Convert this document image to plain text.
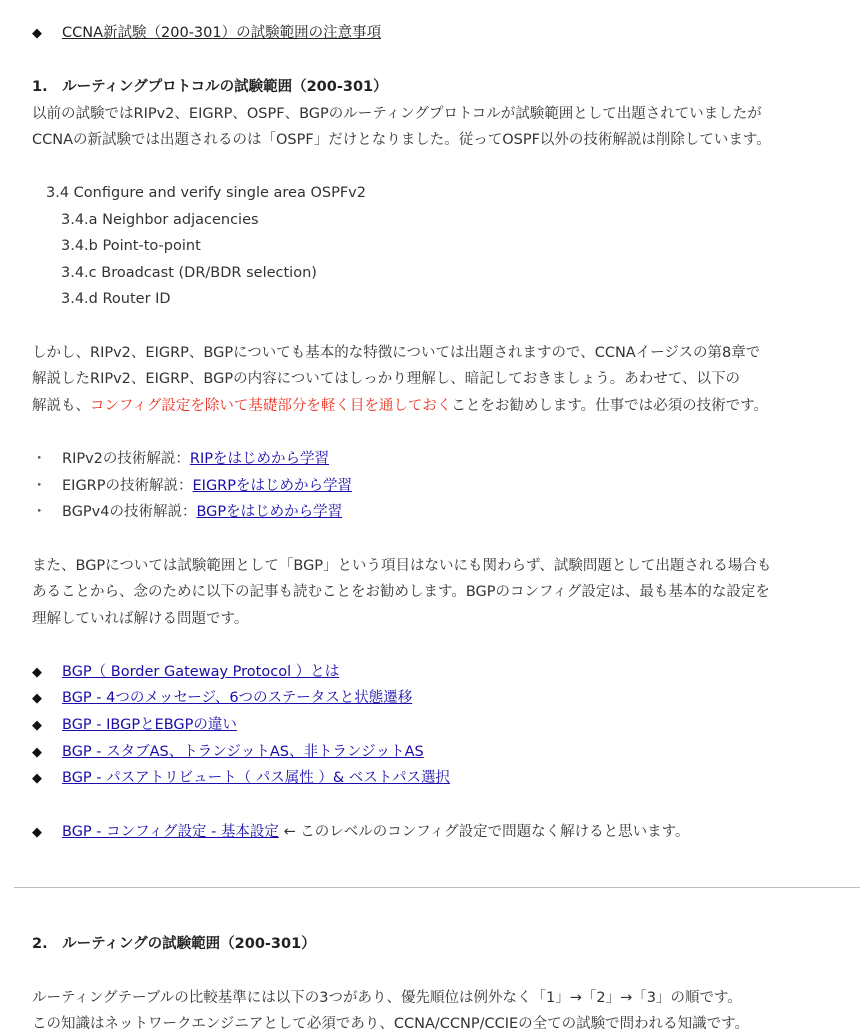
◆ CCNA新試験（200-301）の試験範囲の注意事項
1.　ルーティングプロトコルの試験範囲（200-301）
以前の試験ではRIPv2、EIGRP、OSPF、BGPのルーティングプロトコルが試験範囲として出題されていましたが
CCNAの新試験では出題されるのは「OSPF」だけとなりました。従ってOSPF以外の技術解説は削除しています。
3.4 Configure and verify single area OSPFv2
3.4.a Neighbor adjacencies
3.4.b Point-to-point
3.4.c Broadcast (DR/BDR selection)
3.4.d Router ID
しかし、RIPv2、EIGRP、BGPについても基本的な特徴については出題されますので、CCNAイージスの第8章で
解説したRIPv2、EIGRP、BGPの内容についてはしっかり理解し、暗記しておきましょう。あわせて、以下の
解説も、コンフィグ設定を除いて基礎部分を軽く目を通しておくことをお勧めします。仕事では必須の技術です。
・ RIPv2の技術解説：RIPをはじめから学習
・ EIGRPの技術解説：EIGRPをはじめから学習
・ BGPv4の技術解説：BGPをはじめから学習
また、BGPについては試験範囲として「BGP」という項目はないにも関わらず、試験問題として出題される場合も
あることから、念のために以下の記事も読むことをお勧めします。BGPのコンフィグ設定は、最も基本的な設定を
理解していれば解ける問題です。
◆ BGP（ Border Gateway Protocol ）とは
◆ BGP - 4つのメッセージ、6つのステータスと状態遷移
◆ BGP - IBGPとEBGPの違い
◆ BGP - スタブAS、トランジットAS、非トランジットAS
◆ BGP - パスアトリビュート（ パス属性 ）& ベストパス選択
◆ BGP - コンフィグ設定 - 基本設定 ← このレベルのコンフィグ設定で問題なく解けると思います。
2.　ルーティングの試験範囲（200-301）
ルーティングテーブルの比較基準には以下の3つがあり、優先順位は例外なく「1」→「2」→「3」の順です。
この知識はネットワークエンジニアとして必須であり、CCNA/CCNP/CCIEの全ての試験で問われる知識です。
